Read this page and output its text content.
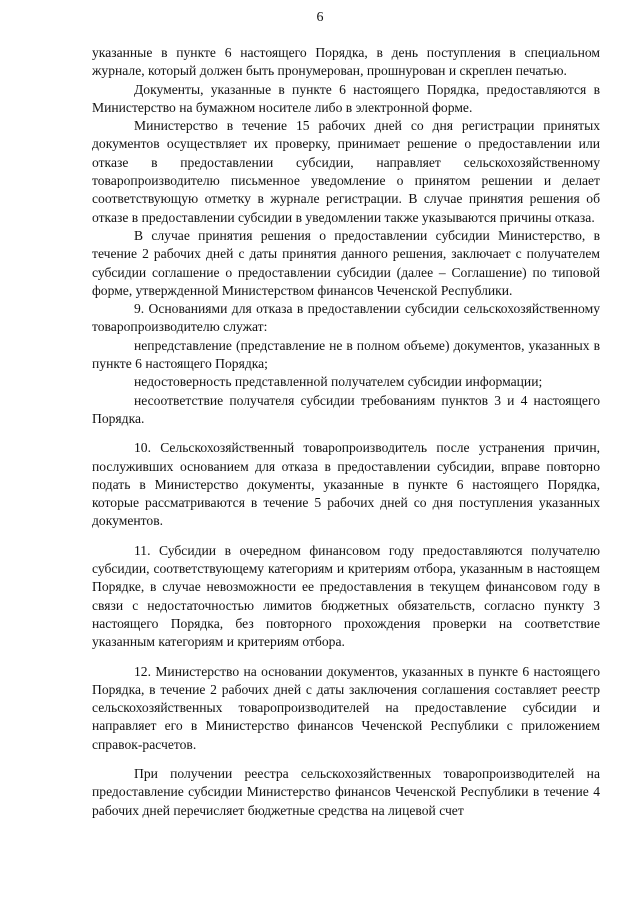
6

указанные в пункте 6 настоящего Порядка, в день поступления в специальном журнале, который должен быть пронумерован, прошнурован и скреплен печатью.

Документы, указанные в пункте 6 настоящего Порядка, предоставляются в Министерство на бумажном носителе либо в электронной форме.

Министерство в течение 15 рабочих дней со дня регистрации принятых документов осуществляет их проверку, принимает решение о предоставлении или отказе в предоставлении субсидии, направляет сельскохозяйственному товаропроизводителю письменное уведомление о принятом решении и делает соответствующую отметку в журнале регистрации. В случае принятия решения об отказе в предоставлении субсидии в уведомлении также указываются причины отказа.

В случае принятия решения о предоставлении субсидии Министерство, в течение 2 рабочих дней с даты принятия данного решения, заключает с получателем субсидии соглашение о предоставлении субсидии (далее – Соглашение) по типовой форме, утвержденной Министерством финансов Чеченской Республики.

9. Основаниями для отказа в предоставлении субсидии сельскохозяйственному товаропроизводителю служат:

непредставление (представление не в полном объеме) документов, указанных в пункте 6 настоящего Порядка;

недостоверность представленной получателем субсидии информации;

несоответствие получателя субсидии требованиям пунктов 3 и 4 настоящего Порядка.

10. Сельскохозяйственный товаропроизводитель после устранения причин, послуживших основанием для отказа в предоставлении субсидии, вправе повторно подать в Министерство документы, указанные в пункте 6 настоящего Порядка, которые рассматриваются в течение 5 рабочих дней со дня поступления указанных документов.

11. Субсидии в очередном финансовом году предоставляются получателю субсидии, соответствующему категориям и критериям отбора, указанным в настоящем Порядке, в случае невозможности ее предоставления в текущем финансовом году в связи с недостаточностью лимитов бюджетных обязательств, согласно пункту 3 настоящего Порядка, без повторного прохождения проверки на соответствие указанным категориям и критериям отбора.

12. Министерство на основании документов, указанных в пункте 6 настоящего Порядка, в течение 2 рабочих дней с даты заключения соглашения составляет реестр сельскохозяйственных товаропроизводителей на предоставление субсидии и направляет его в Министерство финансов Чеченской Республики с приложением справок-расчетов.

При получении реестра сельскохозяйственных товаропроизводителей на предоставление субсидии Министерство финансов Чеченской Республики в течение 4 рабочих дней перечисляет бюджетные средства на лицевой счет
